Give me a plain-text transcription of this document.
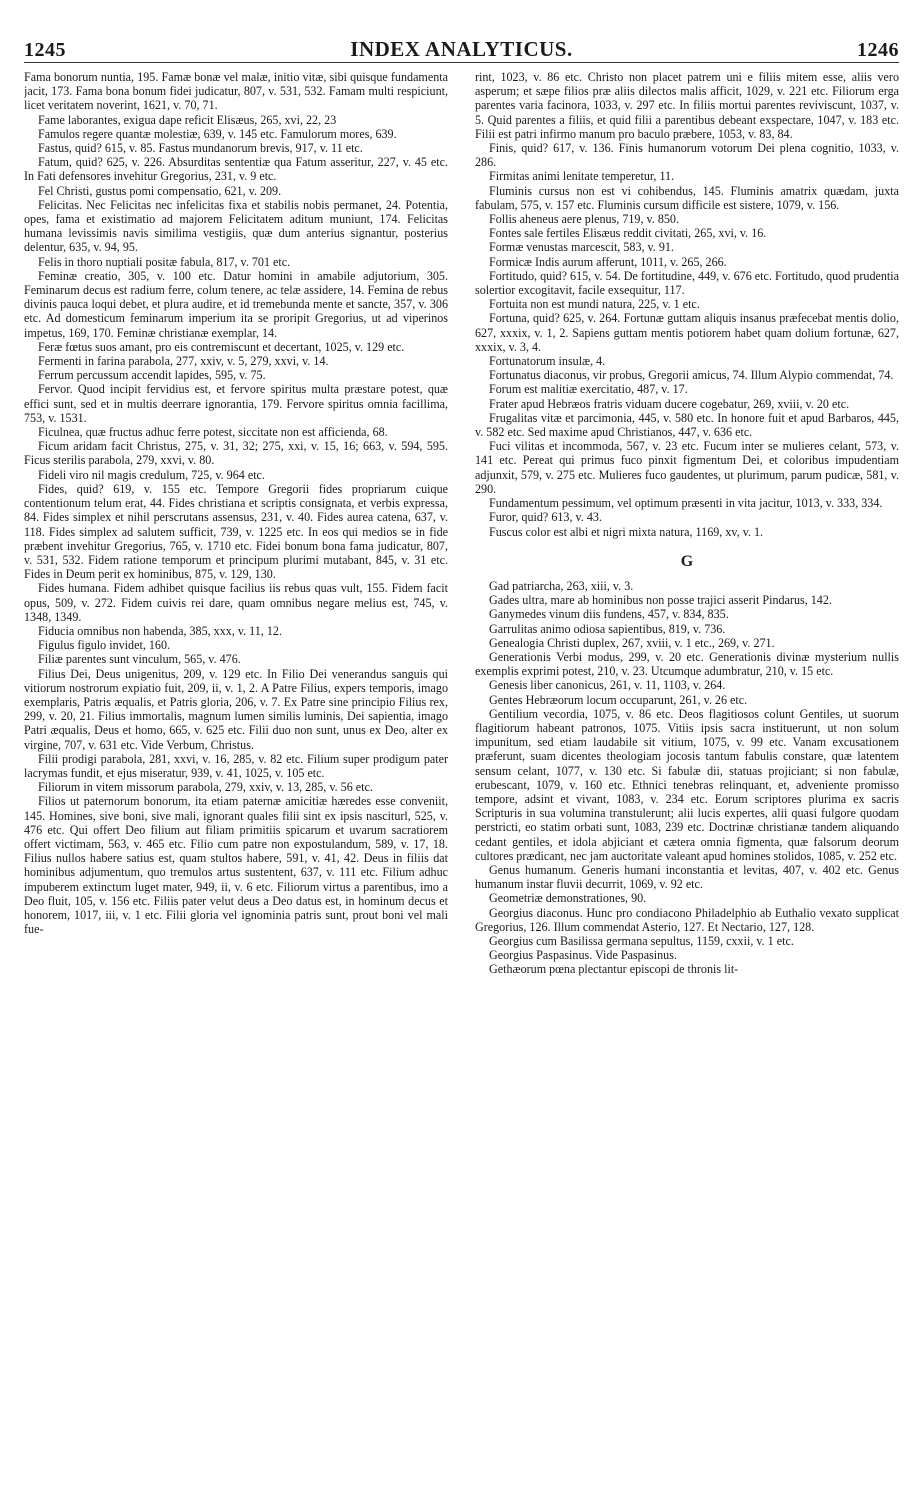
1245	INDEX ANALYTICUS.	1246

Fama bonorum nuntia, 195. Famæ bonæ vel malæ, initio vitæ, sibi quisque fundamenta jacit, 173. Fama bona bonum fidei judicatur, 807, v. 531, 532. Famam multi respiciunt, licet veritatem noverint, 1621, v. 70, 71.

Fame laborantes, exigua dape reficit Elisæus, 265, xvi, 22, 23

Famulos regere quantæ molestiæ, 639, v. 145 etc. Famulorum mores, 639.

Fastus, quid? 615, v. 85. Fastus mundanorum brevis, 917, v. 11 etc.

Fatum, quid? 625, v. 226. Absurditas sententiæ qua Fatum asseritur, 227, v. 45 etc. In Fati defensores invehitur Gregorius, 231, v. 9 etc.

Fel Christi, gustus pomi compensatio, 621, v. 209.

Felicitas. Nec Felicitas nec infelicitas fixa et stabilis nobis permanet, 24. Potentia, opes, fama et existimatio ad majorem Felicitatem aditum muniunt, 174. Felicitas humana levissimis navis similima vestigiis, quæ dum anterius signantur, posterius delentur, 635, v. 94, 95.

Felis in thoro nuptiali positæ fabula, 817, v. 701 etc.

Feminæ creatio, 305, v. 100 etc. Datur homini in amabile adjutorium, 305. Feminarum decus est radium ferre, colum tenere, ac telæ assidere, 14. Femina de rebus divinis pauca loqui debet, et plura audire, et id tremebunda mente et sancte, 357, v. 306 etc. Ad domesticum feminarum imperium ita se proripit Gregorius, ut ad viperinos impetus, 169, 170. Feminæ christianæ exemplar, 14.

Feræ fœtus suos amant, pro eis contremiscunt et decertant, 1025, v. 129 etc.

Fermenti in farina parabola, 277, xxiv, v. 5, 279, xxvi, v. 14.

Ferrum percussum accendit lapides, 595, v. 75.

Fervor. Quod incipit fervidius est, et fervore spiritus multa præstare potest, quæ effici sunt, sed et in multis deerrare ignorantia, 179. Fervore spiritus omnia facillima, 753, v. 1531.

Ficulnea, quæ fructus adhuc ferre potest, siccitate non est afficienda, 68.

Ficum aridam facit Christus, 275, v. 31, 32; 275, xxi, v. 15, 16; 663, v. 594, 595. Ficus sterilis parabola, 279, xxvi, v. 80.

Fideli viro nil magis credulum, 725, v. 964 etc.

Fides, quid? 619, v. 155 etc. Tempore Gregorii fides propriarum cuique contentionum telum erat, 44. Fides christiana et scriptis consignata, et verbis expressa, 84. Fides simplex et nihil perscrutans assensus, 231, v. 40. Fides aurea catena, 637, v. 118. Fides simplex ad salutem sufficit, 739, v. 1225 etc. In eos qui medios se in fide præbent invehitur Gregorius, 765, v. 1710 etc. Fidei bonum bona fama judicatur, 807, v. 531, 532. Fidem ratione temporum et principum plurimi mutabant, 845, v. 31 etc. Fides in Deum perit ex hominibus, 875, v. 129, 130.

Fides humana. Fidem adhibet quisque facilius iis rebus quas vult, 155. Fidem facit opus, 509, v. 272. Fidem cuivis rei dare, quam omnibus negare melius est, 745, v. 1348, 1349.

Fiducia omnibus non habenda, 385, xxx, v. 11, 12.

Figulus figulo invidet, 160.

Filiæ parentes sunt vinculum, 565, v. 476.

Filius Dei, Deus unigenitus, 209, v. 129 etc. In Filio Dei venerandus sanguis qui vitiorum nostrorum expiatio fuit, 209, ii, v. 1, 2. A Patre Filius, expers temporis, imago exemplaris, Patris æqualis, et Patris gloria, 206, v. 7. Ex Patre sine principio Filius rex, 299, v. 20, 21. Filius immortalis, magnum lumen similis luminis, Dei sapientia, imago Patri æqualis, Deus et homo, 665, v. 625 etc. Filii duo non sunt, unus ex Deo, alter ex virgine, 707, v. 631 etc. Vide Verbum, Christus.

Filii prodigi parabola, 281, xxvi, v. 16, 285, v. 82 etc. Filium super prodigum pater lacrymas fundit, et ejus miseratur, 939, v. 41, 1025, v. 105 etc.

Filiorum in vitem missorum parabola, 279, xxiv, v. 13, 285, v. 56 etc.

Filios ut paternorum bonorum, ita etiam paternæ amicitiæ hæredes esse conveniit, 145. Homines, sive boni, sive mali, ignorant quales filii sint ex ipsis nasciturl, 525, v. 476 etc. Qui offert Deo filium aut filiam primitiis spicarum et uvarum sacratiorem offert victimam, 563, v. 465 etc. Filio cum patre non expostulandum, 589, v. 17, 18. Filius nullos habere satius est, quam stultos habere, 591, v. 41, 42. Deus in filiis dat hominibus adjumentum, quo tremulos artus sustentent, 637, v. 111 etc. Filium adhuc impuberem extinctum luget mater, 949, ii, v. 6 etc. Filiorum virtus a parentibus, imo a Deo fluit, 105, v. 156 etc. Filiis pater velut deus a Deo datus est, in hominum decus et honorem, 1017, iii, v. 1 etc. Filii gloria vel ignominia patris sunt, prout boni vel mali fue-

rint, 1023, v. 86 etc. Christo non placet patrem uni e filiis mitem esse, aliis vero asperum; et sæpe filios præ aliis dilectos malis afficit, 1029, v. 221 etc. Filiorum erga parentes varia facinora, 1033, v. 297 etc. In filiis mortui parentes reviviscunt, 1037, v. 5. Quid parentes a filiis, et quid filii a parentibus debeant exspectare, 1047, v. 183 etc. Filii est patri infirmo manum pro baculo præbere, 1053, v. 83, 84.

Finis, quid? 617, v. 136. Finis humanorum votorum Dei plena cognitio, 1033, v. 286.

Firmitas animi lenitate temperetur, 11.

Fluminis cursus non est vi cohibendus, 145. Fluminis amatrix quædam, juxta fabulam, 575, v. 157 etc. Fluminis cursum difficile est sistere, 1079, v. 156.

Follis aheneus aere plenus, 719, v. 850.

Fontes sale fertiles Elisæus reddit civitati, 265, xvi, v. 16.

Formæ venustas marcescit, 583, v. 91.

Formicæ Indis aurum afferunt, 1011, v. 265, 266.

Fortitudo, quid? 615, v. 54. De fortitudine, 449, v. 676 etc. Fortitudo, quod prudentia solertior excogitavit, facile exsequitur, 117.

Fortuita non est mundi natura, 225, v. 1 etc.

Fortuna, quid? 625, v. 264. Fortunæ guttam aliquis insanus præfecebat mentis dolio, 627, xxxix, v. 1, 2. Sapiens guttam mentis potiorem habet quam dolium fortunæ, 627, xxxix, v. 3, 4.

Fortunatorum insulæ, 4.

Fortunatus diaconus, vir probus, Gregorii amicus, 74. Illum Alypio commendat, 74.

Forum est malitiæ exercitatio, 487, v. 17.

Frater apud Hebræos fratris viduam ducere cogebatur, 269, xviii, v. 20 etc.

Frugalitas vitæ et parcimonia, 445, v. 580 etc. In honore fuit et apud Barbaros, 445, v. 582 etc. Sed maxime apud Christianos, 447, v. 636 etc.

Fuci vilitas et incommoda, 567, v. 23 etc. Fucum inter se mulieres celant, 573, v. 141 etc. Pereat qui primus fuco pinxit figmentum Dei, et coloribus impudentiam adjunxit, 579, v. 275 etc. Mulieres fuco gaudentes, ut plurimum, parum pudicæ, 581, v. 290.

Fundamentum pessimum, vel optimum præsenti in vita jacitur, 1013, v. 333, 334.

Furor, quid? 613, v. 43.

Fuscus color est albi et nigri mixta natura, 1169, xv, v. 1.

G

Gad patriarcha, 263, xiii, v. 3.

Gades ultra, mare ab hominibus non posse trajici asserit Pindarus, 142.

Ganymedes vinum diis fundens, 457, v. 834, 835.

Garrulitas animo odiosa sapientibus, 819, v. 736.

Genealogia Christi duplex, 267, xviii, v. 1 etc., 269, v. 271.

Generationis Verbi modus, 299, v. 20 etc. Generationis divinæ mysterium nullis exemplis exprimi potest, 210, v. 23. Utcumque adumbratur, 210, v. 15 etc.

Genesis liber canonicus, 261, v. 11, 1103, v. 264.

Gentes Hebræorum locum occuparunt, 261, v. 26 etc.

Gentilium vecordia, 1075, v. 86 etc. Deos flagitiosos colunt Gentiles, ut suorum flagitiorum habeant patronos, 1075. Vitiis ipsis sacra instituerunt, ut non solum impunitum, sed etiam laudabile sit vitium, 1075, v. 99 etc. Vanam excusationem præferunt, suam dicentes theologiam jocosis tantum fabulis constare, quæ latentem sensum celant, 1077, v. 130 etc. Si fabulæ dii, statuas projiciant; si non fabulæ, erubescant, 1079, v. 160 etc. Ethnici tenebras relinquant, et, adveniente promisso tempore, adsint et vivant, 1083, v. 234 etc. Eorum scriptores plurima ex sacris Scripturis in sua volumina transtulerunt; alii lucis expertes, alii quasi fulgore quodam perstricti, eo statim orbati sunt, 1083, 239 etc. Doctrinæ christianæ tandem aliquando cedant gentiles, et idola abjiciant et cætera omnia figmenta, quæ falsorum deorum cultores prædicant, nec jam auctoritate valeant apud homines stolidos, 1085, v. 252 etc.

Genus humanum. Generis humani inconstantia et levitas, 407, v. 402 etc. Genus humanum instar fluvii decurrit, 1069, v. 92 etc.

Geometriæ demonstrationes, 90.

Georgius diaconus. Hunc pro condiacono Philadelphio ab Euthalio vexato supplicat Gregorius, 126. Illum commendat Asterio, 127. Et Nectario, 127, 128.

Georgius cum Basilissa germana sepultus, 1159, cxxii, v. 1 etc.

Georgius Paspasinus. Vide Paspasinus.

Gethæorum pœna plectantur episcopi de thronis lit-
